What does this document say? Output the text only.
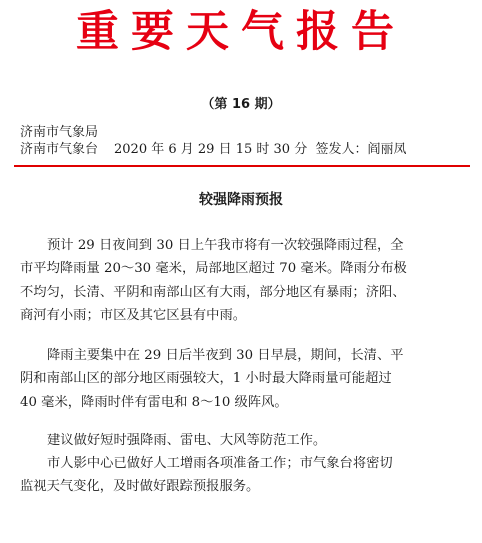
重要天气报告
（第 16 期）
济南市气象局
济南市气象台 2020 年 6 月 29 日 15 时 30 分 签发人：阎丽凤
较强降雨预报
预计 29 日夜间到 30 日上午我市将有一次较强降雨过程，全
市平均降雨量 20～30 毫米，局部地区超过 70 毫米。降雨分布极
不均匀，长清、平阴和南部山区有大雨，部分地区有暴雨；济阳、
商河有小雨；市区及其它区县有中雨。
降雨主要集中在 29 日后半夜到 30 日早晨，期间，长清、平
阴和南部山区的部分地区雨强较大，1 小时最大降雨量可能超过
40 毫米，降雨时伴有雷电和 8～10 级阵风。
建议做好短时强降雨、雷电、大风等防范工作。
市人影中心已做好人工增雨各项准备工作；市气象台将密切
监视天气变化，及时做好跟踪预报服务。
